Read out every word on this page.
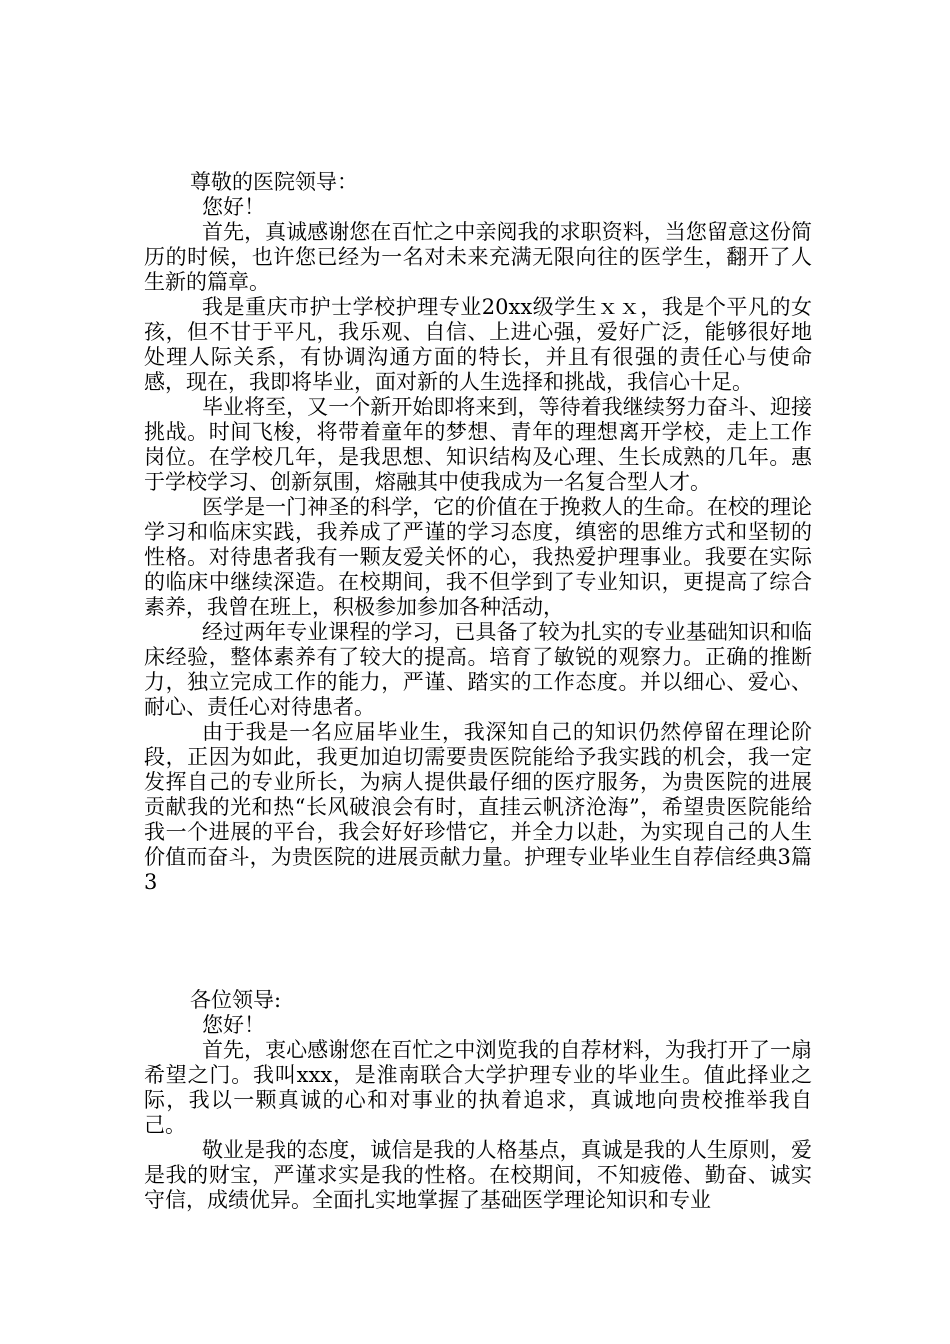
尊敬的医院领导：
您好！

首先，真诚感谢您在百忙之中亲阅我的求职资料，当您留意这份简历的时候，也许您已经为一名对未来充满无限向往的医学生，翻开了人生新的篇章。

我是重庆市护士学校护理专业20xx级学生ｘｘ，我是个平凡的女孩，但不甘于平凡，我乐观、自信、上进心强，爱好广泛，能够很好地处理人际关系，有协调沟通方面的特长，并且有很强的责任心与使命感，现在，我即将毕业，面对新的人生选择和挑战，我信心十足。

毕业将至，又一个新开始即将来到，等待着我继续努力奋斗、迎接挑战。时间飞梭，将带着童年的梦想、青年的理想离开学校，走上工作岗位。在学校几年，是我思想、知识结构及心理、生长成熟的几年。惠于学校学习、创新氛围，熔融其中使我成为一名复合型人才。

医学是一门神圣的科学，它的价值在于挽救人的生命。在校的理论学习和临床实践，我养成了严谨的学习态度，缜密的思维方式和坚韧的性格。对待患者我有一颗友爱关怀的心，我热爱护理事业。我要在实际的临床中继续深造。在校期间，我不但学到了专业知识，更提高了综合素养，我曾在班上，积极参加参加各种活动，

经过两年专业课程的学习，已具备了较为扎实的专业基础知识和临床经验，整体素养有了较大的提高。培育了敏锐的观察力。正确的推断力，独立完成工作的能力，严谨、踏实的工作态度。并以细心、爱心、耐心、责任心对待患者。

由于我是一名应届毕业生，我深知自己的知识仍然停留在理论阶段，正因为如此，我更加迫切需要贵医院能给予我实践的机会，我一定发挥自己的专业所长，为病人提供最仔细的医疗服务，为贵医院的进展贡献我的光和热“长风破浪会有时，直挂云帆济沧海”，希望贵医院能给我一个进展的平台，我会好好珍惜它，并全力以赴，为实现自己的人生价值而奋斗，为贵医院的进展贡献力量。护理专业毕业生自荐信经典3篇3

各位领导:
您好！

首先，衷心感谢您在百忙之中浏览我的自荐材料，为我打开了一扇希望之门。我叫xxx，是淮南联合大学护理专业的毕业生。值此择业之际，我以一颗真诚的心和对事业的执着追求，真诚地向贵校推举我自己。

敬业是我的态度，诚信是我的人格基点，真诚是我的人生原则，爱是我的财宝，严谨求实是我的性格。在校期间，不知疲倦、勤奋、诚实守信，成绩优异。全面扎实地掌握了基础医学理论知识和专业
